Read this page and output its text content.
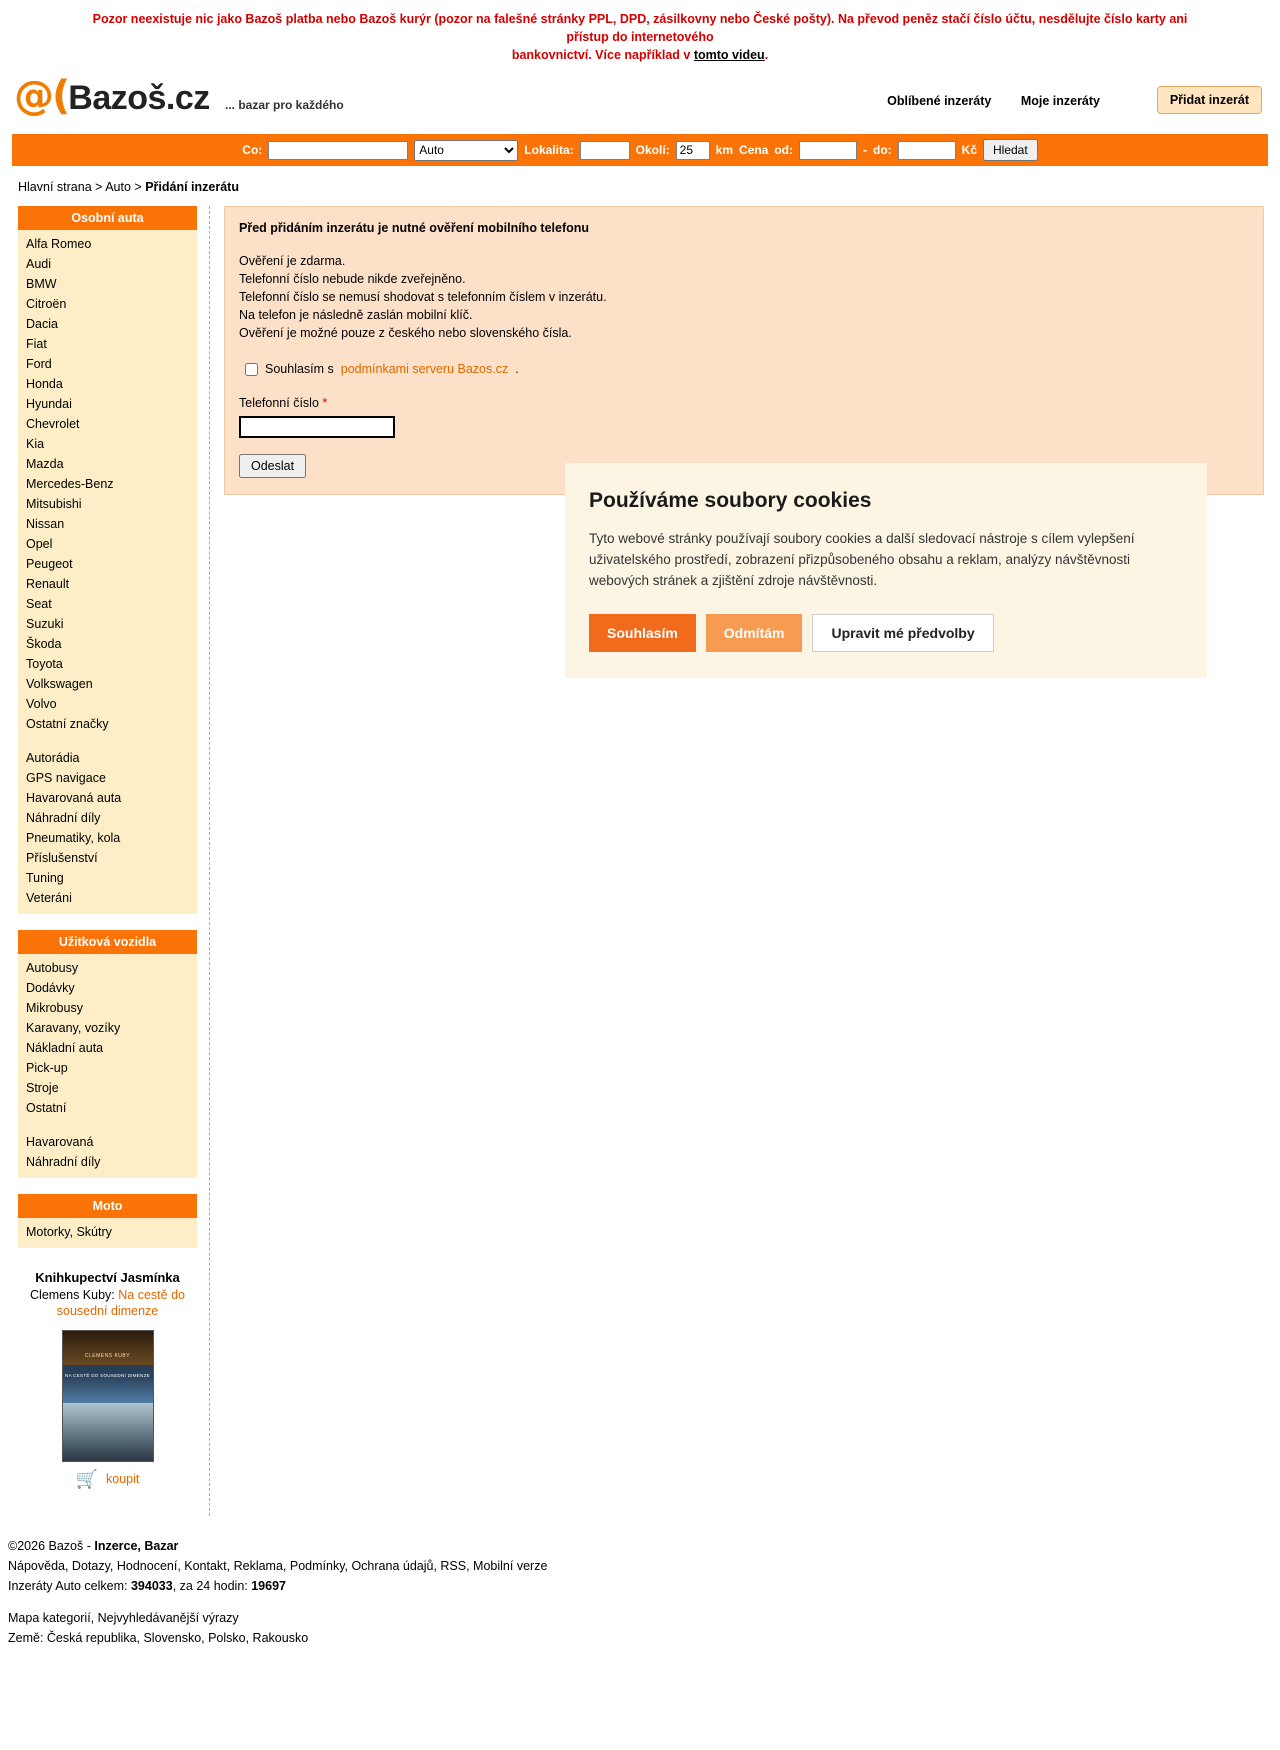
Pozor neexistuje nic jako Bazoš platba nebo Bazoš kurýr (pozor na falešné stránky PPL, DPD, zásilkovny nebo České pošty). Na převod peněz stačí číslo účtu, nesdělujte číslo karty ani přístup do internetového
bankovnictví. Více například v tomto videu.
@( Bazoš.cz ... bazar pro každého	Oblíbené inzeráty Moje inzeráty	Přidat inzerát
Co:
Auto	Lokalita:	Okolí:
25	km Cena od:	- do:	Kč	Hledat
Hlavní strana > Auto > Přidání inzerátu
Osobní auta
Alfa Romeo
Audi
BMW
Citroën
Dacia
Fiat
Ford
Honda
Hyundai
Chevrolet
Kia
Mazda
Mercedes-Benz
Mitsubishi
Nissan
Opel
Peugeot
Renault
Seat
Suzuki
Škoda
Toyota
Volkswagen
Volvo
Ostatní značky
Autorádia
GPS navigace
Havarovaná auta
Náhradní díly
Pneumatiky, kola
Příslušenství
Tuning
Veteráni
Užitková vozidla
Autobusy
Dodávky
Mikrobusy
Karavany, vozíky
Nákladní auta
Pick-up
Stroje
Ostatní
Havarovaná
Náhradní díly
Moto
Motorky, Skútry
Knihkupectví Jasmínka
Clemens Kuby: Na cestě do sousední dimenze
CLEMENS KUBY
NA CESTĚ DO SOUSEDNÍ DIMENZE
🛒 koupit
Před přidáním inzerátu je nutné ověření mobilního telefonu
Ověření je zdarma.
Telefonní číslo nebude nikde zveřejněno.
Telefonní číslo se nemusí shodovat s telefonním číslem v inzerátu.
Na telefon je následně zaslán mobilní klíč.
Ověření je možné pouze z českého nebo slovenského čísla.
Souhlasím s podmínkami serveru Bazos.cz .
Telefonní číslo *
Odeslat
Používáme soubory cookies

Tyto webové stránky používají soubory cookies a další sledovací nástroje s cílem vylepšení uživatelského prostředí, zobrazení přizpůsobeného obsahu a reklam, analýzy návštěvnosti webových stránek a zjištění zdroje návštěvnosti.

Souhlasím	Odmítám	Upravit mé předvolby
©2026 Bazoš - Inzerce, Bazar
Nápověda, Dotazy, Hodnocení, Kontakt, Reklama, Podmínky, Ochrana údajů, RSS, Mobilní verze
Inzeráty Auto celkem: 394033, za 24 hodin: 19697
Mapa kategorií, Nejvyhledávanější výrazy
Země: Česká republika, Slovensko, Polsko, Rakousko
